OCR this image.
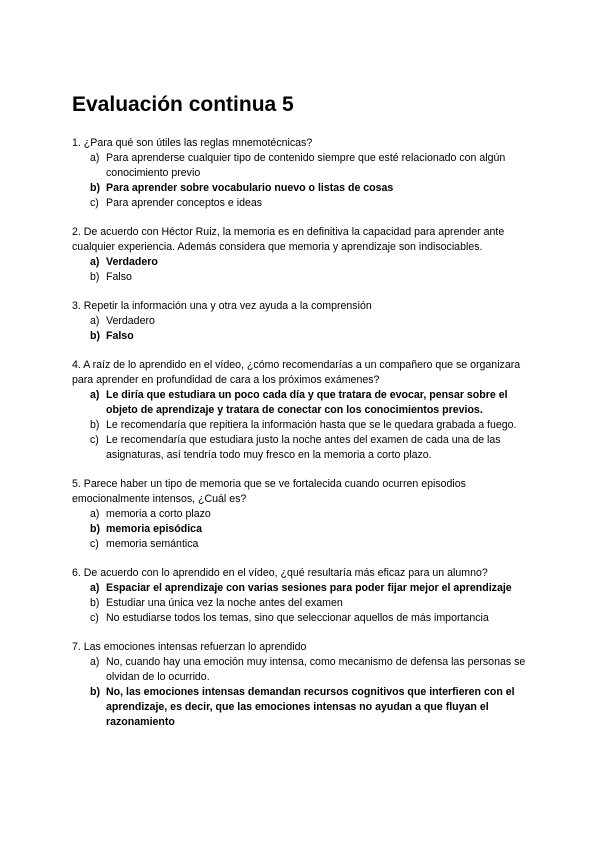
Evaluación continua 5

1. ¿Para qué son útiles las reglas mnemotécnicas?

a) Para aprenderse cualquier tipo de contenido siempre que esté relacionado con algún conocimiento previo
b) Para aprender sobre vocabulario nuevo o listas de cosas
c) Para aprender conceptos e ideas

2. De acuerdo con Héctor Ruiz, la memoria es en definitiva la capacidad para aprender ante cualquier experiencia. Además considera que memoria y aprendizaje son indisociables.

a) Verdadero
b) Falso

3. Repetir la información una y otra vez ayuda a la comprensión

a) Verdadero
b) Falso

4. A raíz de lo aprendido en el vídeo, ¿cómo recomendarías a un compañero que se organizara para aprender en profundidad de cara a los próximos exámenes?

a) Le diría que estudiara un poco cada día y que tratara de evocar, pensar sobre el objeto de aprendizaje y tratara de conectar con los conocimientos previos.
b) Le recomendaría que repitiera la información hasta que se le quedara grabada a fuego.
c) Le recomendaría que estudiara justo la noche antes del examen de cada una de las asignaturas, así tendría todo muy fresco en la memoria a corto plazo.

5. Parece haber un tipo de memoria que se ve fortalecida cuando ocurren episodios emocionalmente intensos, ¿Cuál es?

a) memoria a corto plazo
b) memoria episódica
c) memoria semántica

6. De acuerdo con lo aprendido en el vídeo, ¿qué resultaría más eficaz para un alumno?

a) Espaciar el aprendizaje con varias sesiones para poder fijar mejor el aprendizaje
b) Estudiar una única vez la noche antes del examen
c) No estudiarse todos los temas, sino que seleccionar aquellos de más importancia

7. Las emociones intensas refuerzan lo aprendido

a) No, cuando hay una emoción muy intensa, como mecanismo de defensa las personas se olvidan de lo ocurrido.
b) No, las emociones intensas demandan recursos cognitivos que interfieren con el aprendizaje, es decir, que las emociones intensas no ayudan a que fluyan el razonamiento
